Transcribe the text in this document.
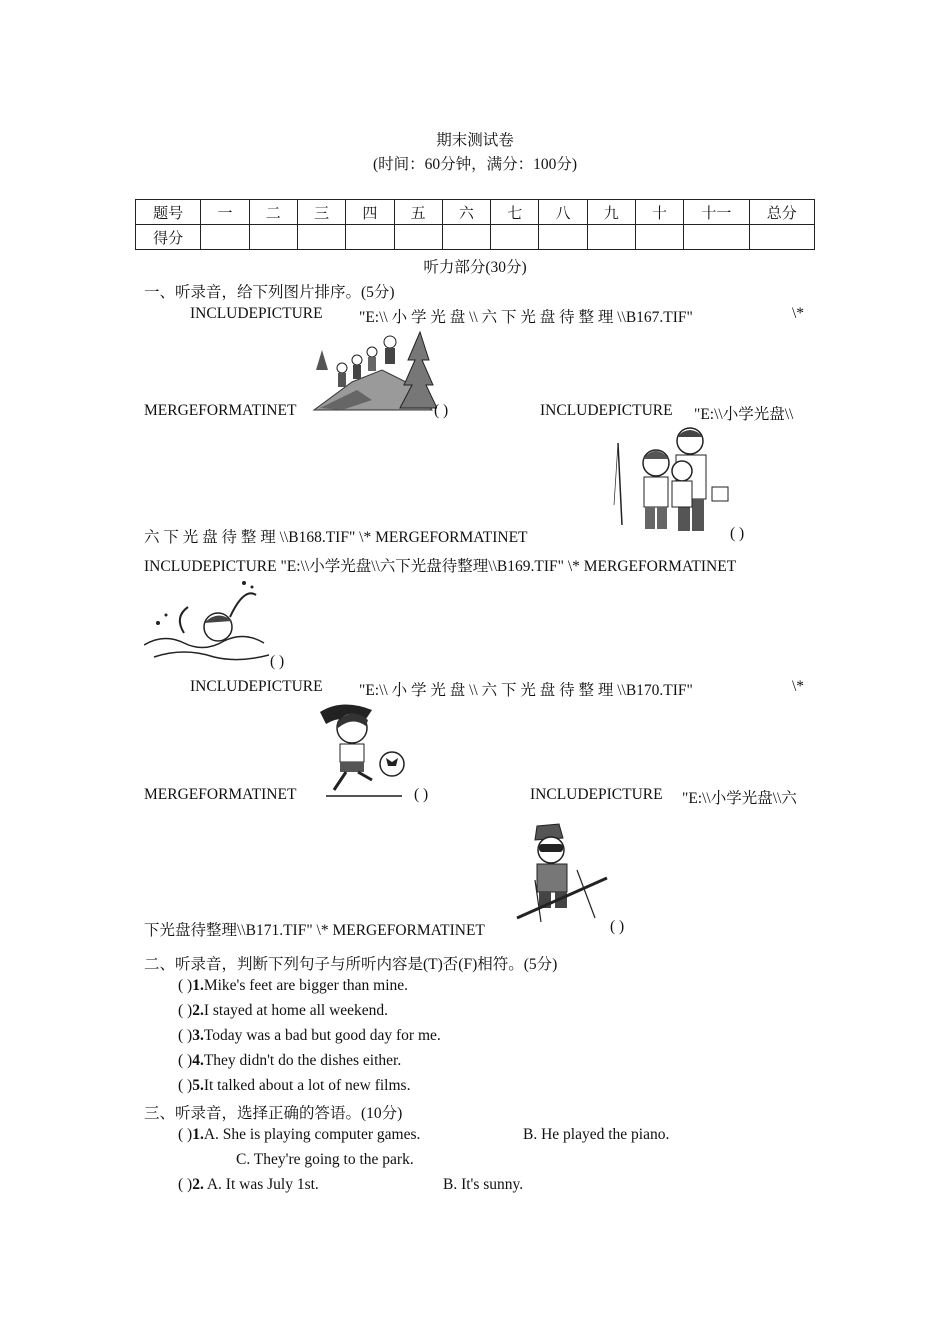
期末测试卷
(时间：60分钟，满分：100分)
题号	一	二	三	四	五	六	七	八	九	十	十一	总分
得分												
听力部分(30分)
一、听录音，给下列图片排序。(5分)
INCLUDEPICTURE "E:\\ 小 学 光 盘 \\ 六 下 光 盘 待 整 理 \\B167.TIF"	\*
MERGEFORMATINET	( )	INCLUDEPICTURE "E:\\小学光盘\\
六 下 光 盘 待 整 理 \\B168.TIF" \* MERGEFORMATINET	( )
INCLUDEPICTURE "E:\\小学光盘\\六下光盘待整理\\B169.TIF" \* MERGEFORMATINET
( )
INCLUDEPICTURE "E:\\ 小 学 光 盘 \\ 六 下 光 盘 待 整 理 \\B170.TIF"	\*
MERGEFORMATINET	( )	INCLUDEPICTURE "E:\\小学光盘\\六
下光盘待整理\\B171.TIF" \* MERGEFORMATINET	( )
二、听录音，判断下列句子与所听内容是(T)否(F)相符。(5分)
( )1.Mike's feet are bigger than mine.
( )2.I stayed at home all weekend.
( )3.Today was a bad but good day for me.
( )4.They didn't do the dishes either.
( )5.It talked about a lot of new films.
三、听录音，选择正确的答语。(10分)
( )1.A. She is playing computer games.	B. He played the piano.
C. They're going to the park.
( )2. A. It was July 1st.	B. It's sunny.
